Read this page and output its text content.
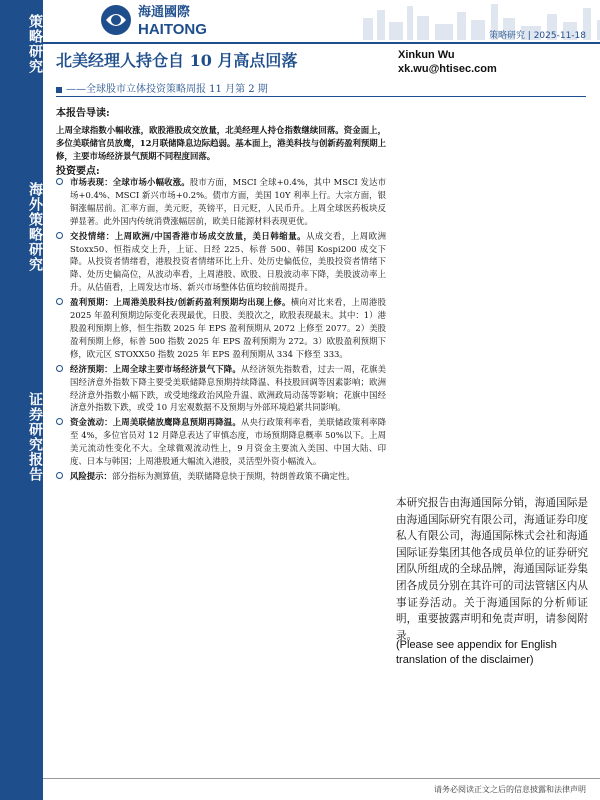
策略研究
海外策略研究
证券研究报告
海通國際
HAITONG	策略研究 | 2025-11-18
北美经理人持仓自 10 月高点回落
——全球股市立体投资策略周报 11 月第 2 期
Xinkun Wu
xk.wu@htisec.com
本报告导读:
上周全球指数小幅收涨，欧股港股成交放量，北美经理人持仓指数继续回落。资金面上，多位美联储官员放鹰，12月联储降息边际趋弱。基本面上，港美科技与创新药盈利预期上修，主要市场经济景气预期不同程度回落。
投资要点:
市场表现：全球市场小幅收涨。股市方面，MSCI 全球+0.4%，其中 MSCI 发达市场+0.4%、MSCI 新兴市场+0.2%。债市方面，美国 10Y 利率上行。大宗方面，银铜涨幅居前。汇率方面，美元贬，英镑平，日元贬，人民币升。上周全球医药板块反弹显著。此外国内传统消费涨幅居前，欧美日能源材料表现更优。
交投情绪：上周欧洲/中国香港市场成交放量，美日韩缩量。从成交看，上周欧洲 Stoxx50、恒指成交上升，上证、日经 225、标普 500、韩国 Kospi200 成交下降。从投资者情绪看，港股投资者情绪环比上升、处历史偏低位，美股投资者情绪下降、处历史偏高位，从波动率看，上周港股、欧股、日股波动率下降，美股波动率上升。从估值看，上周发达市场、新兴市场整体估值均较前周提升。
盈利预期：上周港美股科技/创新药盈利预期均出现上修。横向对比来看，上周港股 2025 年盈利预期边际变化表现最优，日股、美股次之，欧股表现最末。其中：1）港股盈利预期上修，恒生指数 2025 年 EPS 盈利预期从 2072 上修至 2077。2）美股盈利预期上修，标普 500 指数 2025 年 EPS 盈利预期为 272。3）欧股盈利预期下修，欧元区 STOXX50 指数 2025 年 EPS 盈利预期从 334 下修至 333。
经济预期：上周全球主要市场经济景气下降。从经济领先指数看，过去一周，花旗美国经济意外指数下降主要受美联储降息预期持续降温、科技股回调等因素影响；欧洲经济意外指数小幅下跌，或受地缘政治风险升温、欧洲政局动荡等影响；花旗中国经济意外指数下跌，或受 10 月宏观数据不及预期与外部环境趋紧共同影响。
资金流动：上周美联储放鹰降息预期再降温。从央行政策利率看，美联储政策利率降至 4%，多位官员对 12 月降息表达了审慎态度，市场预期降息概率 50%以下。上周美元流动性变化不大。全球微观流动性上，9 月资金主要流入美国、中国大陆、印度、日本与韩国；上周港股通大幅流入港股，灵活型外资小幅流入。
风险提示：部分指标为测算值，美联储降息快于预期，特朗普政策不确定性。
本研究报告由海通国际分销，海通国际是由海通国际研究有限公司，海通证券印度私人有限公司，海通国际株式会社和海通国际证券集团其他各成员单位的证券研究团队所组成的全球品牌，海通国际证券集团各成员分别在其许可的司法管辖区内从事证券活动。关于海通国际的分析师证明，重要披露声明和免责声明，请参阅附录。
(Please see appendix for English translation of the disclaimer)
请务必阅读正文之后的信息披露和法律声明
